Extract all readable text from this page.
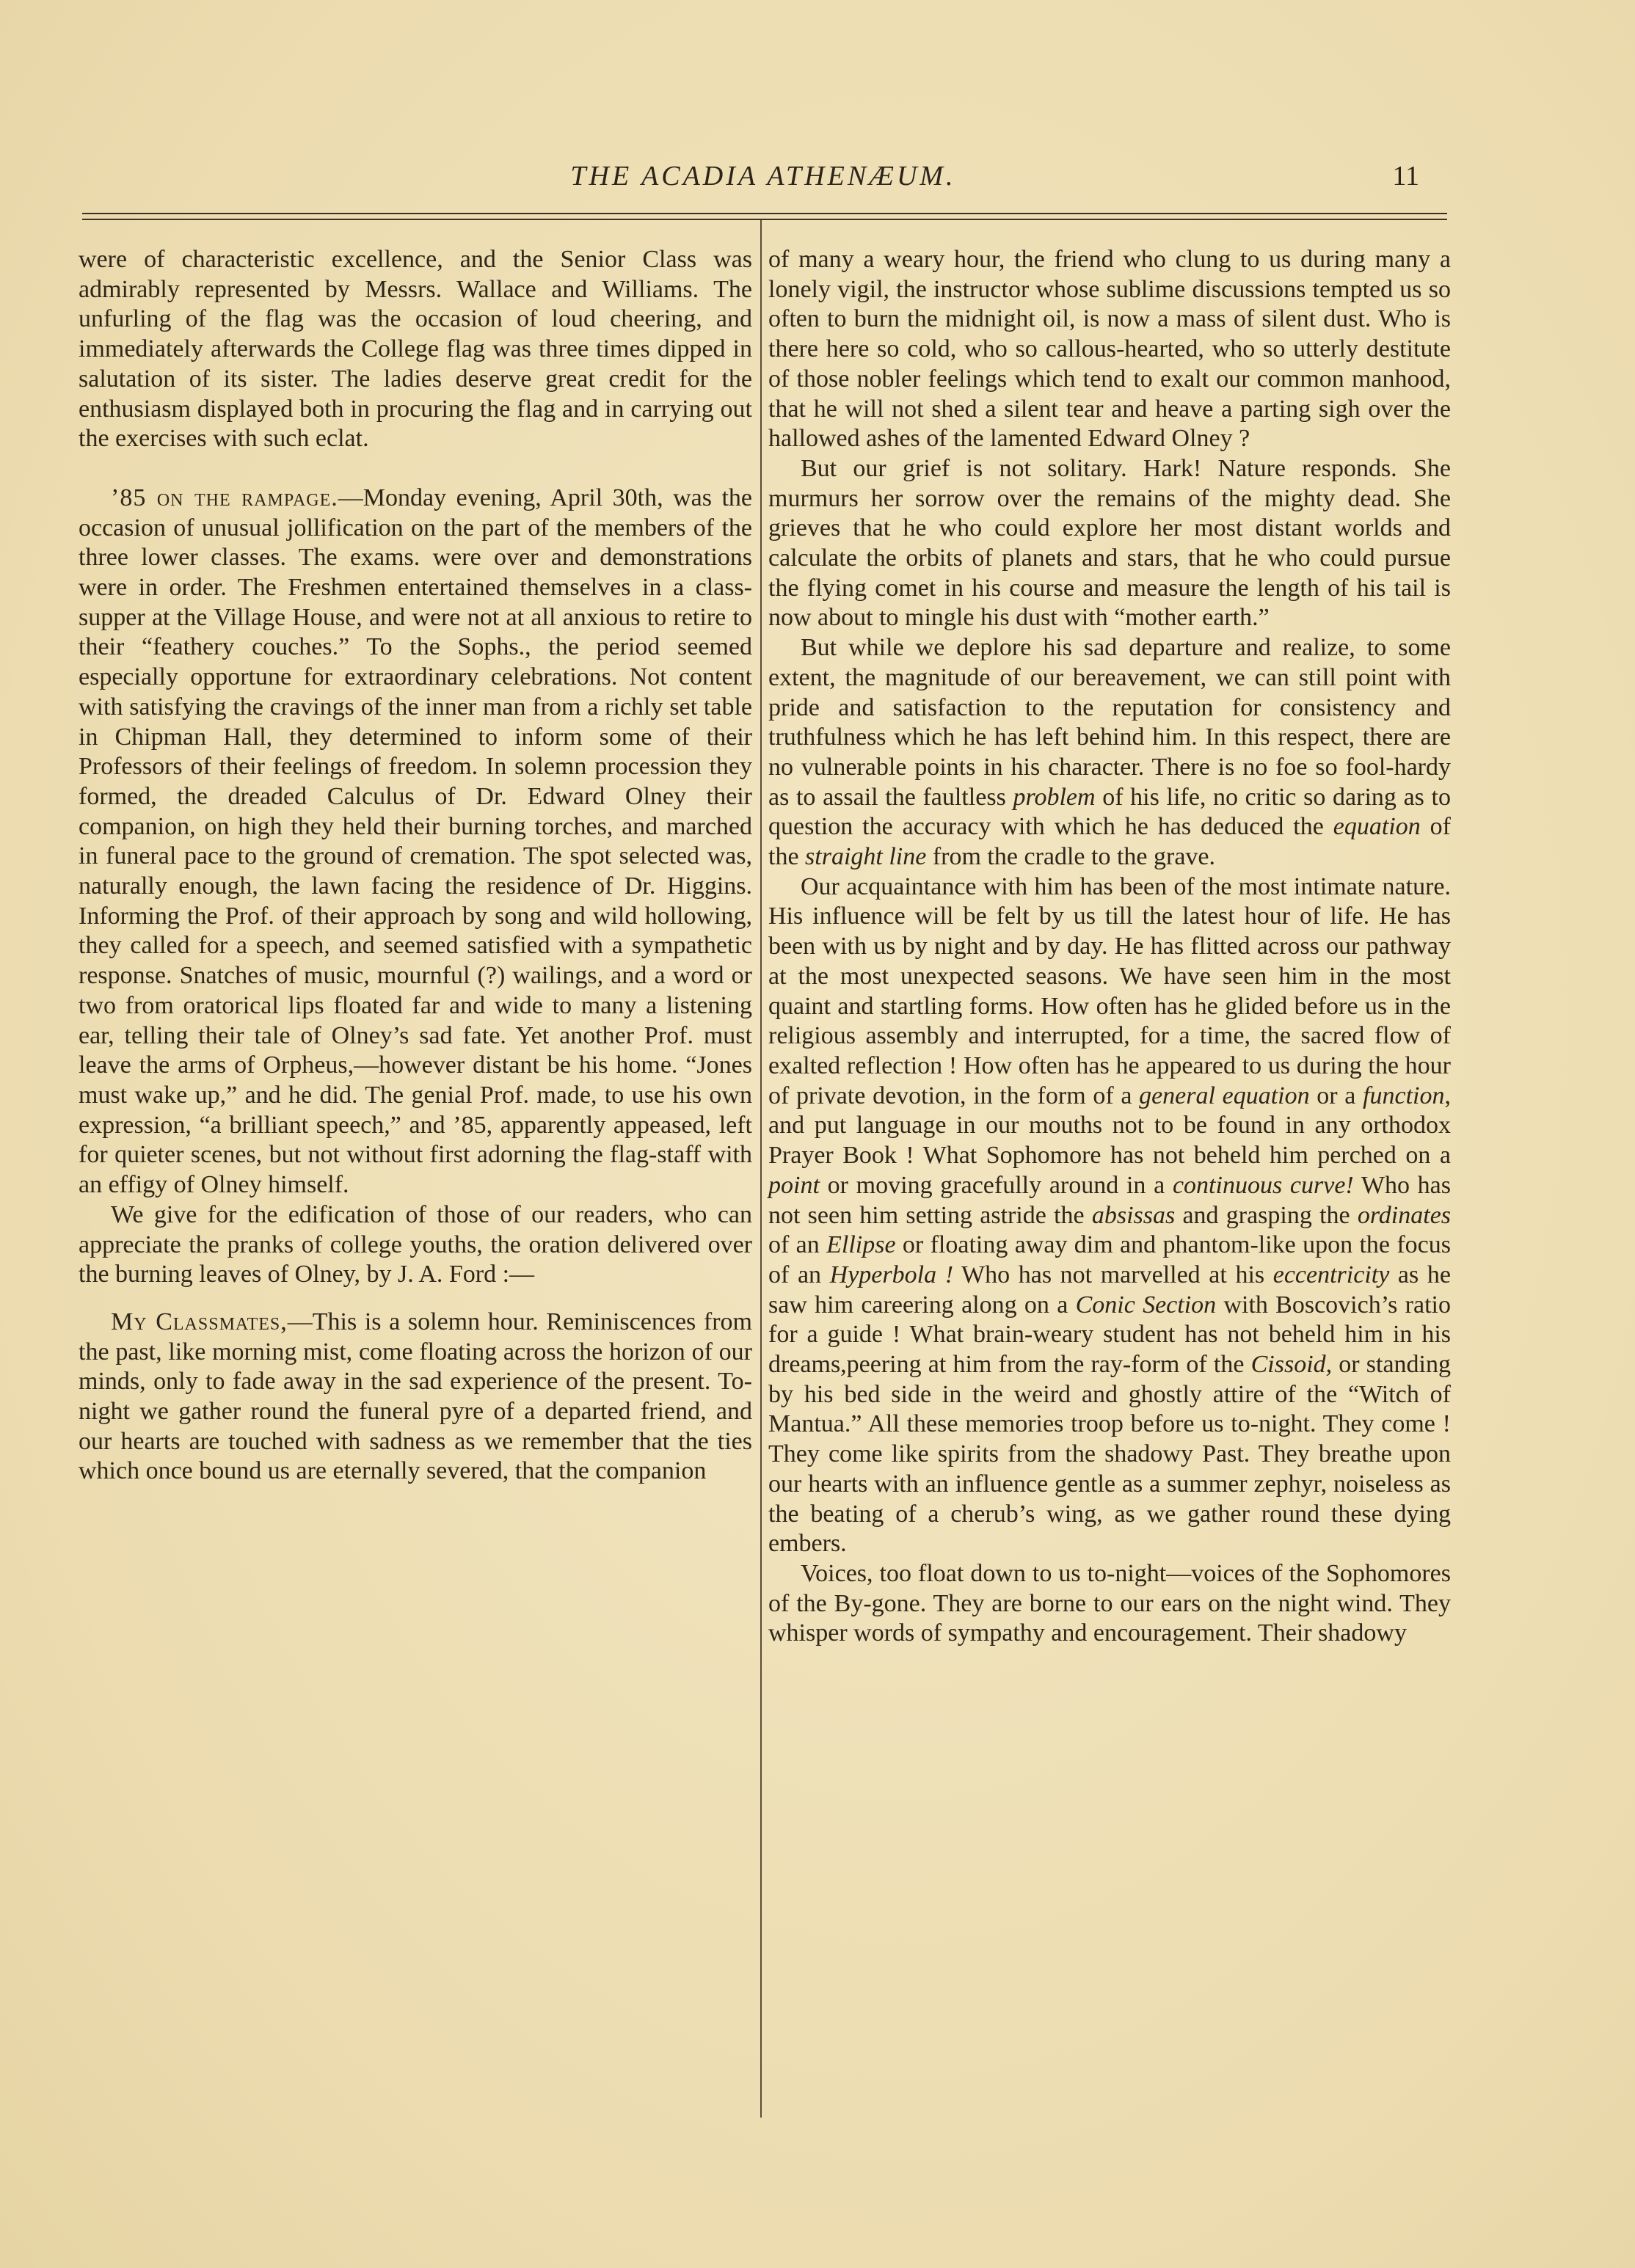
THE ACADIA ATHENÆUM.	11

were of characteristic excellence, and the Senior Class was admirably represented by Messrs. Wallace and Williams. The unfurling of the flag was the occasion of loud cheering, and immediately afterwards the College flag was three times dipped in salutation of its sister. The ladies deserve great credit for the enthusiasm displayed both in procuring the flag and in carrying out the exercises with such eclat.

’85 on the rampage.—Monday evening, April 30th, was the occasion of unusual jollification on the part of the members of the three lower classes. The exams. were over and demonstrations were in order. The Freshmen entertained themselves in a class-supper at the Village House, and were not at all anxious to retire to their “feathery couches.” To the Sophs., the period seemed especially opportune for extraordinary celebrations. Not content with satisfying the cravings of the inner man from a richly set table in Chipman Hall, they determined to inform some of their Professors of their feelings of freedom. In solemn procession they formed, the dreaded Calculus of Dr. Edward Olney their companion, on high they held their burning torches, and marched in funeral pace to the ground of cremation. The spot selected was, naturally enough, the lawn facing the residence of Dr. Higgins. Informing the Prof. of their approach by song and wild hollowing, they called for a speech, and seemed satisfied with a sympathetic response. Snatches of music, mournful (?) wailings, and a word or two from oratorical lips floated far and wide to many a listening ear, telling their tale of Olney’s sad fate. Yet another Prof. must leave the arms of Orpheus,—however distant be his home. “Jones must wake up,” and he did. The genial Prof. made, to use his own expression, “a brilliant speech,” and ’85, apparently appeased, left for quieter scenes, but not without first adorning the flag-staff with an effigy of Olney himself.

We give for the edification of those of our readers, who can appreciate the pranks of college youths, the oration delivered over the burning leaves of Olney, by J. A. Ford :—

My Classmates,—This is a solemn hour. Reminiscences from the past, like morning mist, come floating across the horizon of our minds, only to fade away in the sad experience of the present. To-night we gather round the funeral pyre of a departed friend, and our hearts are touched with sadness as we remember that the ties which once bound us are eternally severed, that the companion

of many a weary hour, the friend who clung to us during many a lonely vigil, the instructor whose sublime discussions tempted us so often to burn the midnight oil, is now a mass of silent dust. Who is there here so cold, who so callous-hearted, who so utterly destitute of those nobler feelings which tend to exalt our common manhood, that he will not shed a silent tear and heave a parting sigh over the hallowed ashes of the lamented Edward Olney ?

But our grief is not solitary. Hark! Nature responds. She murmurs her sorrow over the remains of the mighty dead. She grieves that he who could explore her most distant worlds and calculate the orbits of planets and stars, that he who could pursue the flying comet in his course and measure the length of his tail is now about to mingle his dust with “mother earth.”

But while we deplore his sad departure and realize, to some extent, the magnitude of our bereavement, we can still point with pride and satisfaction to the reputation for consistency and truthfulness which he has left behind him. In this respect, there are no vulnerable points in his character. There is no foe so fool-hardy as to assail the faultless problem of his life, no critic so daring as to question the accuracy with which he has deduced the equation of the straight line from the cradle to the grave.

Our acquaintance with him has been of the most intimate nature. His influence will be felt by us till the latest hour of life. He has been with us by night and by day. He has flitted across our pathway at the most unexpected seasons. We have seen him in the most quaint and startling forms. How often has he glided before us in the religious assembly and interrupted, for a time, the sacred flow of exalted reflection ! How often has he appeared to us during the hour of private devotion, in the form of a general equation or a function, and put language in our mouths not to be found in any orthodox Prayer Book ! What Sophomore has not beheld him perched on a point or moving gracefully around in a continuous curve! Who has not seen him setting astride the absissas and grasping the ordinates of an Ellipse or floating away dim and phantom-like upon the focus of an Hyperbola ! Who has not marvelled at his eccentricity as he saw him careering along on a Conic Section with Boscovich’s ratio for a guide ! What brain-weary student has not beheld him in his dreams,peering at him from the ray-form of the Cissoid, or standing by his bed side in the weird and ghostly attire of the “Witch of Mantua.” All these memories troop before us to-night. They come ! They come like spirits from the shadowy Past. They breathe upon our hearts with an influence gentle as a summer zephyr, noiseless as the beating of a cherub’s wing, as we gather round these dying embers.

Voices, too float down to us to-night—voices of the Sophomores of the By-gone. They are borne to our ears on the night wind. They whisper words of sympathy and encouragement. Their shadowy
